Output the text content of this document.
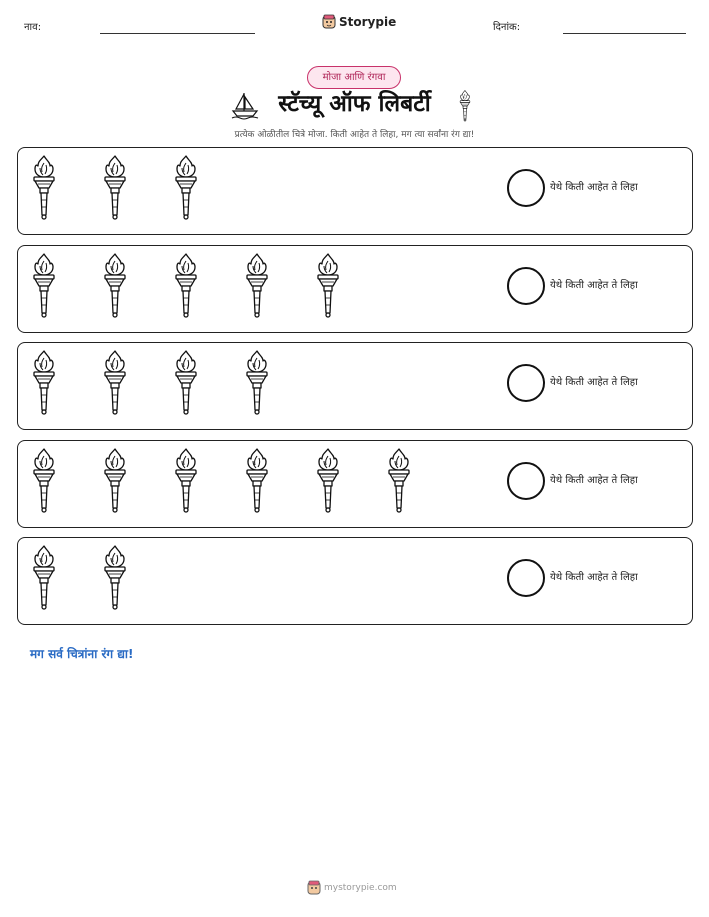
नाव:	Storypie	दिनांक:
मोजा आणि रंगवा
स्टॅच्यू ऑफ लिबर्टी
प्रत्येक ओळीतील चित्रे मोजा. किती आहेत ते लिहा, मग त्या सर्वांना रंग द्या!
येथे किती आहेत ते लिहा
येथे किती आहेत ते लिहा
येथे किती आहेत ते लिहा
येथे किती आहेत ते लिहा
येथे किती आहेत ते लिहा
मग सर्व चित्रांना रंग द्या!
mystorypie.com
